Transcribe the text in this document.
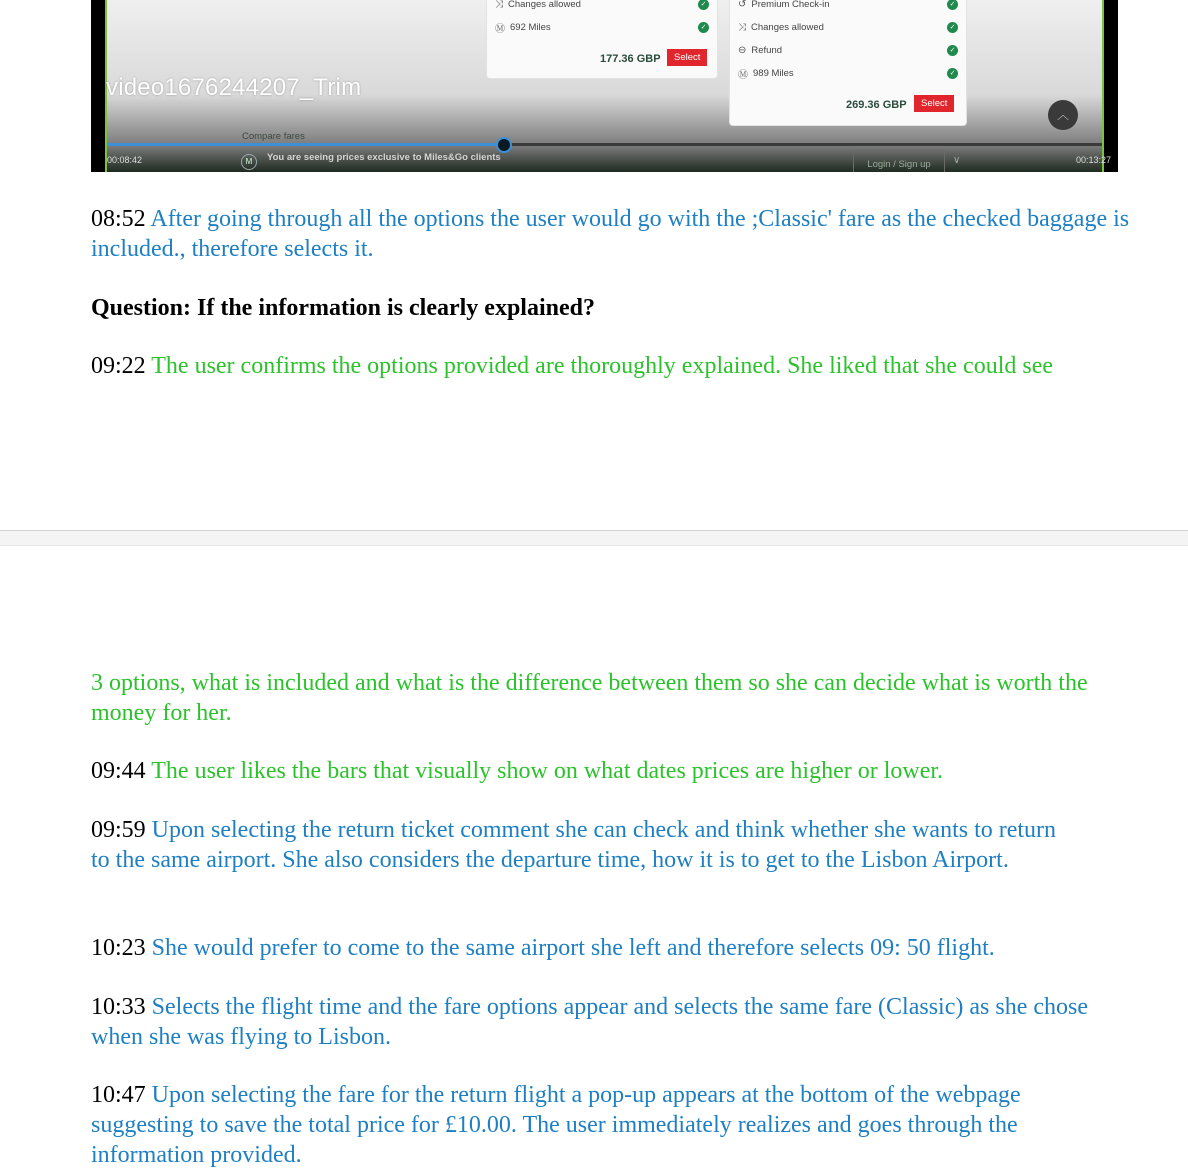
⤨ Changes allowed	✓
Ⓜ 692 Miles	✓
177.36 GBP	Select
↺ Premium Check-in	✓
⤨ Changes allowed	✓
⊖ Refund	✓
Ⓜ 989 Miles	✓
269.36 GBP	Select
video1676244207_Trim
︿
Compare fares
00:08:42	00:13:27
M	You are seeing prices exclusive to Miles&Go clients
Login / Sign up	∨

08:52 After going through all the options the user would go with the ;Classic' fare as the checked baggage is included., therefore selects it.

Question: If the information is clearly explained?

09:22 The user confirms the options provided are thoroughly explained. She liked that she could see

3 options, what is included and what is the difference between them so she can decide what is worth the money for her.

09:44 The user likes the bars that visually show on what dates prices are higher or lower.

09:59 Upon selecting the return ticket comment she can check and think whether she wants to return to the same airport. She also considers the departure time, how it is to get to the Lisbon Airport.

10:23 She would prefer to come to the same airport she left and therefore selects 09: 50 flight.

10:33 Selects the flight time and the fare options appear and selects the same fare (Classic) as she chose when she was flying to Lisbon.

10:47 Upon selecting the fare for the return flight a pop-up appears at the bottom of the webpage suggesting to save the total price for £10.00. The user immediately realizes and goes through the information provided.
